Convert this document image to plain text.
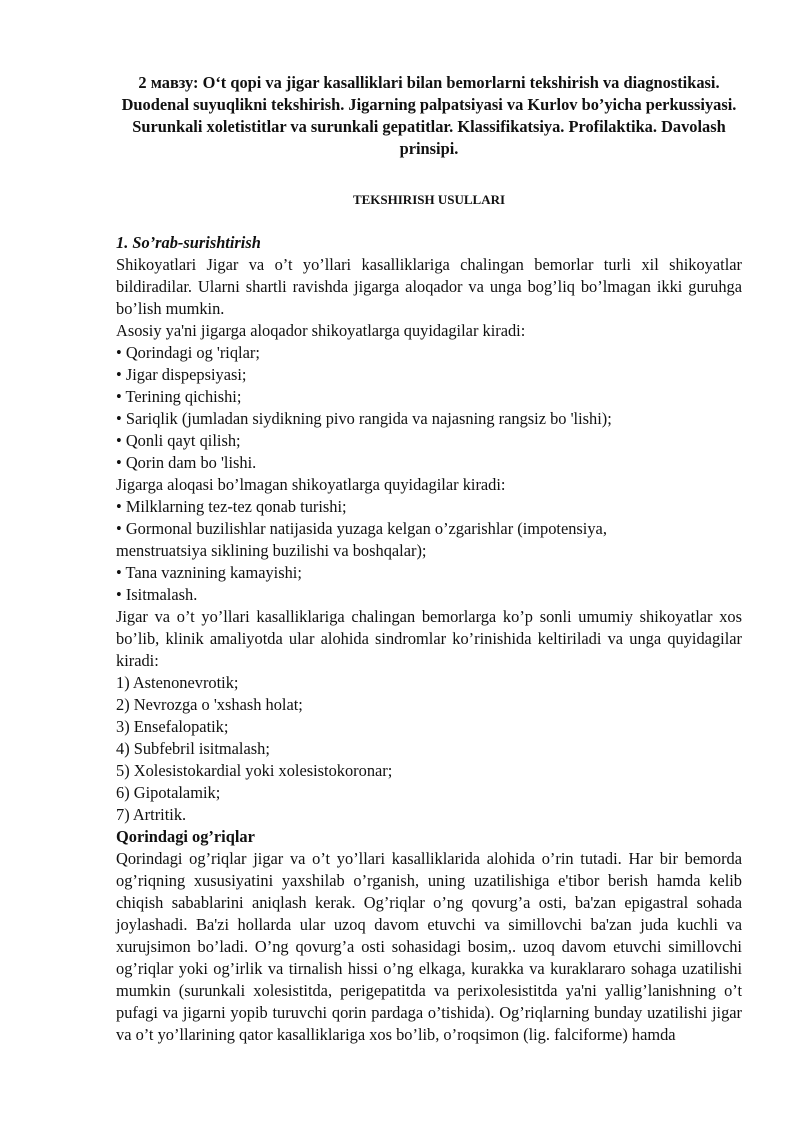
2 мавзу: O‘t qopi va jigar kasalliklari bilan bemorlarni tekshirish va diagnostikasi. Duodenal suyuqlikni tekshirish. Jigarning palpatsiyasi va Kurlov bo’yicha perkussiyasi. Surunkali xoletistitlar va surunkali gepatitlar. Klassifikatsiya. Profilaktika. Davolash prinsipi.

TEKSHIRISH USULLARI

1. So’rab-surishtirish

Shikoyatlari Jigar va o’t yo’llari kasalliklariga chalingan bemorlar turli xil shikoyatlar bildiradilar. Ularni shartli ravishda jigarga aloqador va unga bog’liq bo’lmagan ikki guruhga bo’lish mumkin.

Asosiy ya'ni jigarga aloqador shikoyatlarga quyidagilar kiradi:

• Qorindagi og 'riqlar;
• Jigar dispepsiyasi;
• Terining qichishi;
• Sariqlik (jumladan siydikning pivo rangida va najasning rangsiz bo 'lishi);
• Qonli qayt qilish;
• Qorin dam bo 'lishi.

Jigarga aloqasi bo’lmagan shikoyatlarga quyidagilar kiradi:

• Milklarning tez-tez qonab turishi;
• Gormonal buzilishlar natijasida yuzaga kelgan o’zgarishlar (impotensiya, menstruatsiya siklining buzilishi va boshqalar);
• Tana vaznining kamayishi;
• Isitmalash.

Jigar va o’t yo’llari kasalliklariga chalingan bemorlarga ko’p sonli umumiy shikoyatlar xos bo’lib, klinik amaliyotda ular alohida sindromlar ko’rinishida keltiriladi va unga quyidagilar kiradi:

1) Astenonevrotik;
2) Nevrozga o 'xshash holat;
3) Ensefalopatik;
4) Subfebril isitmalash;
5) Xolesistokardial yoki xolesistokoronar;
6) Gipotalamik;
7) Artritik.

Qorindagi og’riqlar

Qorindagi og’riqlar jigar va o’t yo’llari kasalliklarida alohida o’rin tutadi. Har bir bemorda og’riqning xususiyatini yaxshilab o’rganish, uning uzatilishiga e'tibor berish hamda kelib chiqish sabablarini aniqlash kerak. Og’riqlar o’ng qovurg’a osti, ba'zan epigastral sohada joylashadi. Ba'zi hollarda ular uzoq davom etuvchi va simillovchi ba'zan juda kuchli va xurujsimon bo’ladi. O’ng qovurg’a osti sohasidagi bosim,. uzoq davom etuvchi simillovchi og’riqlar yoki og’irlik va tirnalish hissi o’ng elkaga, kurakka va kuraklararo sohaga uzatilishi mumkin (surunkali xolesistitda, perigepatitda va perixolesistitda ya'ni yallig’lanishning o’t pufagi va jigarni yopib turuvchi qorin pardaga o’tishida). Og’riqlarning bunday uzatilishi jigar va o’t yo’llarining qator kasalliklariga xos bo’lib, o’roqsimon (lig. falciforme) hamda
